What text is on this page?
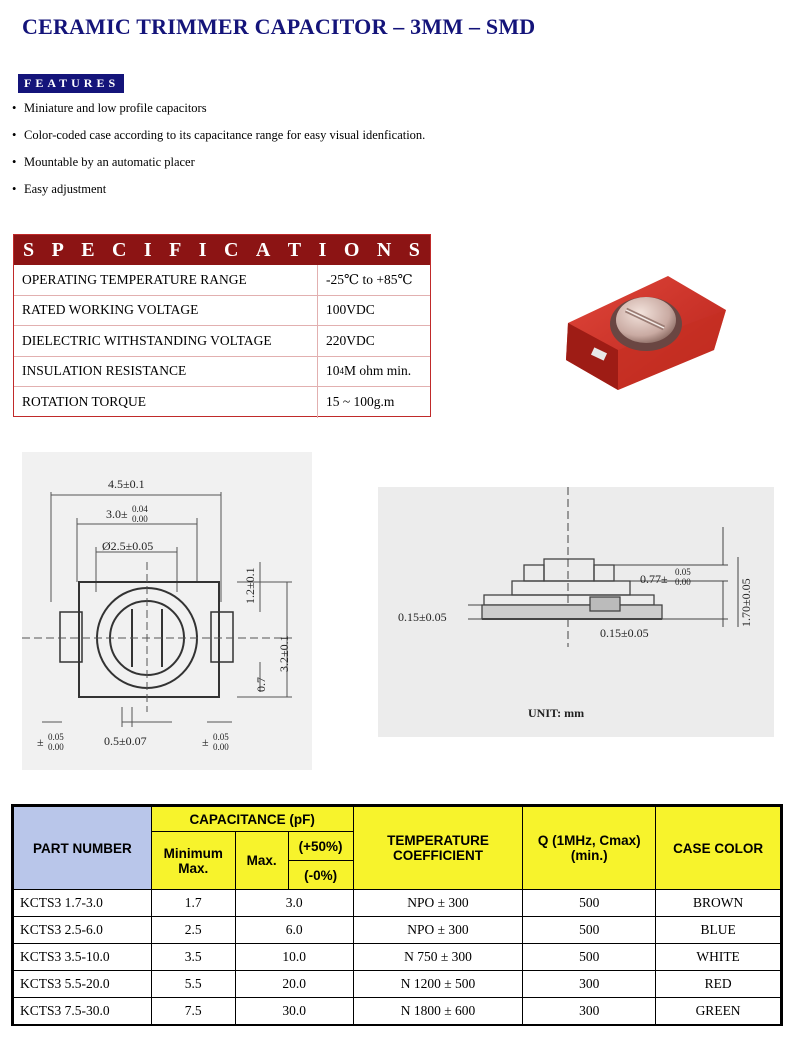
CERAMIC TRIMMER CAPACITOR – 3MM – SMD
FEATURES
• Miniature and low profile capacitors
• Color-coded case according to its capacitance range for easy visual idenfication.
• Mountable by an automatic placer
• Easy adjustment
S P E C I F I C A T I O N S
OPERATING TEMPERATURE RANGE	-25℃ to +85℃
RATED WORKING VOLTAGE	100VDC
DIELECTRIC WITHSTANDING VOLTAGE	220VDC
INSULATION RESISTANCE	10 4 M ohm min.
ROTATION TORQUE	15 ~ 100g.m
4.5±0.1
3.0± 0.04
0.00
Ø2.5±0.05
1.2±0.1
3.2±0.1
0.7
0.5±0.07
± 0.05
0.00	± 0.05
0.00
0.77± 0.05
0.00	1.70±0.05
0.15±0.05
0.15±0.05
UNIT: mm
PART NUMBER	CAPACITANCE (pF)			TEMPERATURE COEFFICIENT	Q (1MHz, Cmax) (min.)	CASE COLOR
	Minimum Max.	Max.	(+50%)			
			(-0%)			
KCTS3 1.7-3.0	1.7	3.0		NPO ± 300	500	BROWN
KCTS3 2.5-6.0	2.5	6.0		NPO ± 300	500	BLUE
KCTS3 3.5-10.0	3.5	10.0		N 750 ± 300	500	WHITE
KCTS3 5.5-20.0	5.5	20.0		N 1200 ± 500	300	RED
KCTS3 7.5-30.0	7.5	30.0		N 1800 ± 600	300	GREEN
